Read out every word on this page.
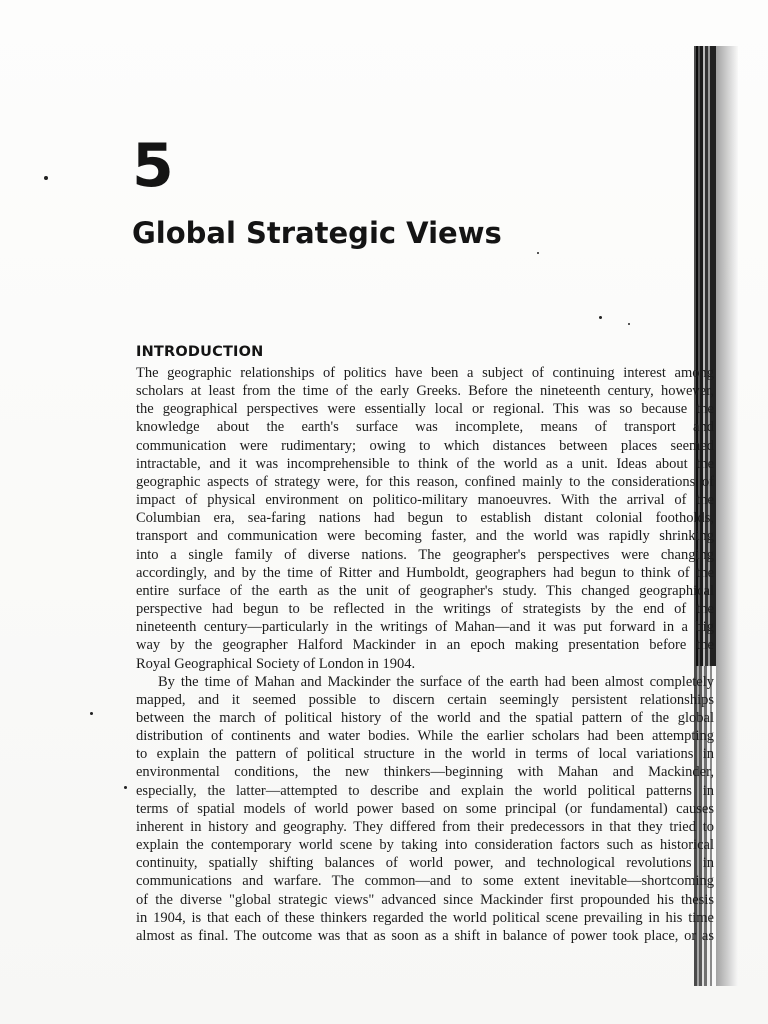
5
Global Strategic Views
INTRODUCTION
The geographic relationships of politics have been a subject of continuing interest among
scholars at least from the time of the early Greeks. Before the nineteenth century, however,
the geographical perspectives were essentially local or regional. This was so because the
knowledge about the earth's surface was incomplete, means of transport and
communication were rudimentary; owing to which distances between places seemed
intractable, and it was incomprehensible to think of the world as a unit. Ideas about the
geographic aspects of strategy were, for this reason, confined mainly to the considerations of
impact of physical environment on politico-military manoeuvres. With the arrival of the
Columbian era, sea-faring nations had begun to establish distant colonial footholds,
transport and communication were becoming faster, and the world was rapidly shrinking
into a single family of diverse nations. The geographer's perspectives were changing
accordingly, and by the time of Ritter and Humboldt, geographers had begun to think of the
entire surface of the earth as the unit of geographer's study. This changed geographical
perspective had begun to be reflected in the writings of strategists by the end of the
nineteenth century—particularly in the writings of Mahan—and it was put forward in a big
way by the geographer Halford Mackinder in an epoch making presentation before the
Royal Geographical Society of London in 1904.
By the time of Mahan and Mackinder the surface of the earth had been almost completely
mapped, and it seemed possible to discern certain seemingly persistent relationships
between the march of political history of the world and the spatial pattern of the global
distribution of continents and water bodies. While the earlier scholars had been attempting
to explain the pattern of political structure in the world in terms of local variations in
environmental conditions, the new thinkers—beginning with Mahan and Mackinder,
especially, the latter—attempted to describe and explain the world political patterns in
terms of spatial models of world power based on some principal (or fundamental) causes
inherent in history and geography. They differed from their predecessors in that they tried to
explain the contemporary world scene by taking into consideration factors such as historical
continuity, spatially shifting balances of world power, and technological revolutions in
communications and warfare. The common—and to some extent inevitable—shortcoming
of the diverse "global strategic views" advanced since Mackinder first propounded his thesis
in 1904, is that each of these thinkers regarded the world political scene prevailing in his time
almost as final. The outcome was that as soon as a shift in balance of power took place, or as
